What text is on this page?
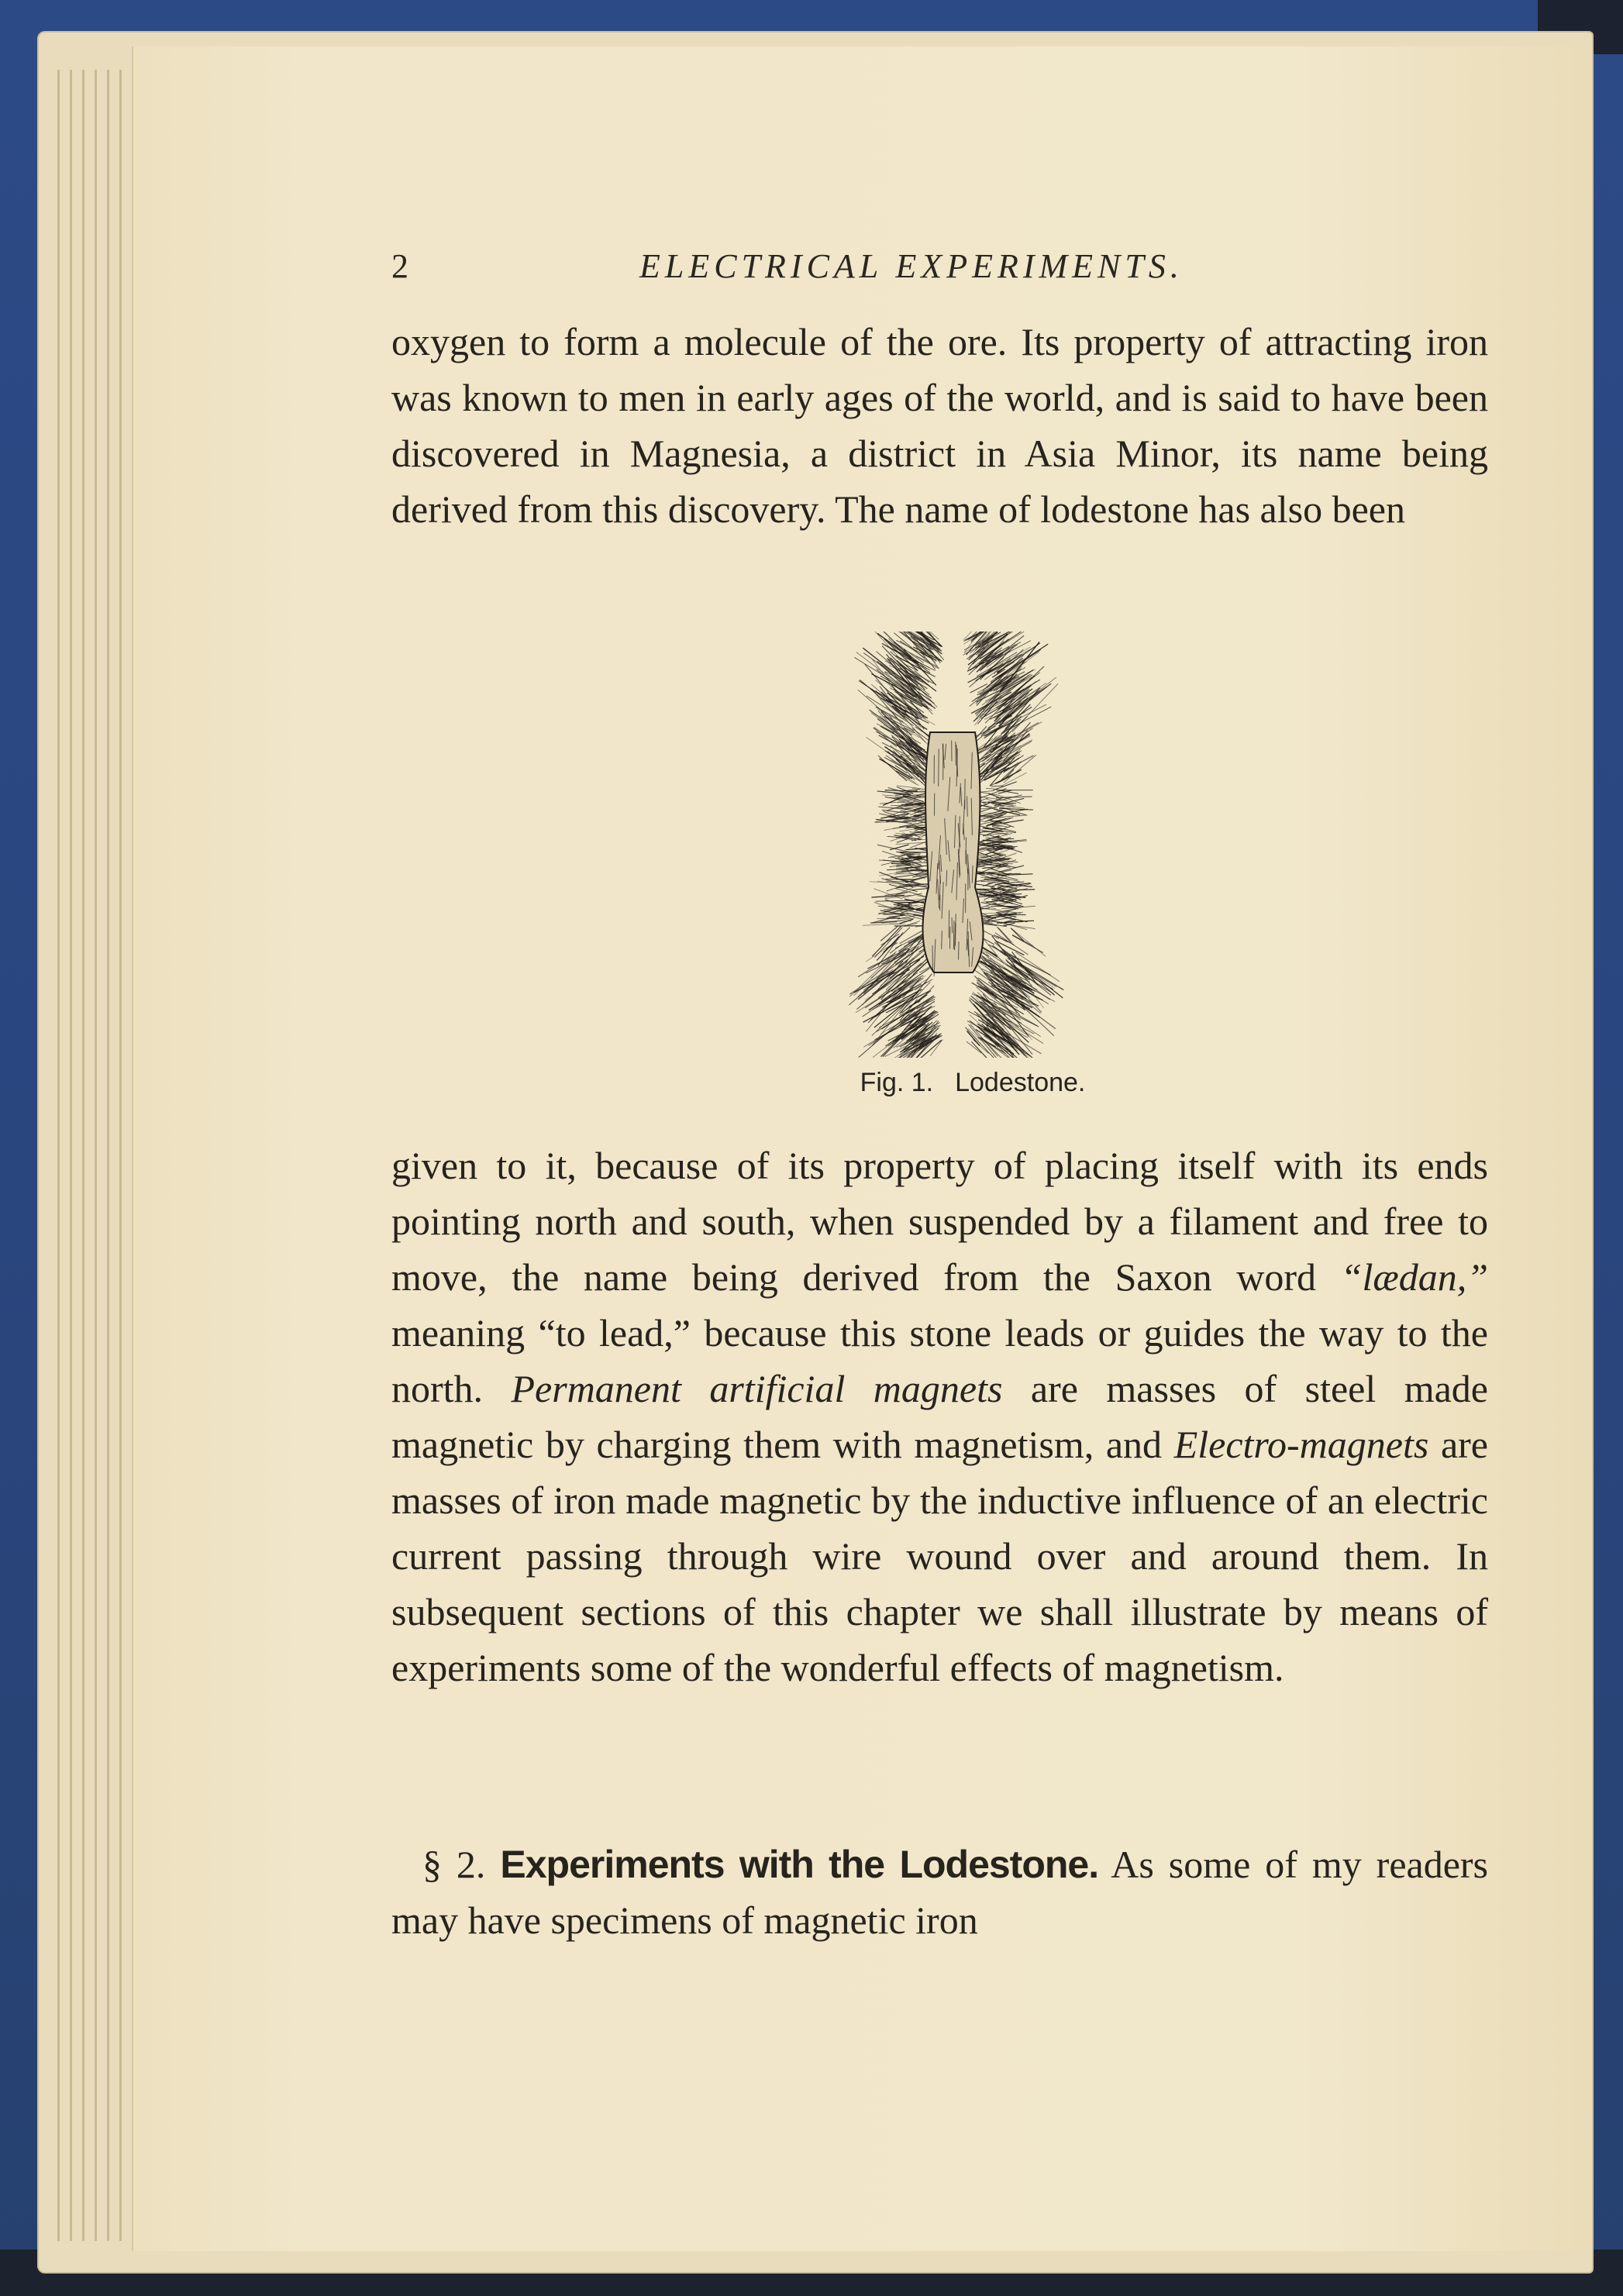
2	ELECTRICAL EXPERIMENTS.

oxygen to form a molecule of the ore. Its property of attracting iron was known to men in early ages of the world, and is said to have been discovered in Magnesia, a district in Asia Minor, its name being derived from this discovery. The name of lodestone has also been

Fig. 1. Lodestone.

given to it, because of its property of placing itself with its ends pointing north and south, when suspended by a filament and free to move, the name being derived from the Saxon word “lædan,” meaning “to lead,” because this stone leads or guides the way to the north. Permanent artificial magnets are masses of steel made magnetic by charging them with magnetism, and Electro-magnets are masses of iron made magnetic by the inductive influence of an electric current passing through wire wound over and around them. In subsequent sections of this chapter we shall illustrate by means of experiments some of the wonderful effects of magnetism.

§ 2. Experiments with the Lodestone. As some of my readers may have specimens of magnetic iron
